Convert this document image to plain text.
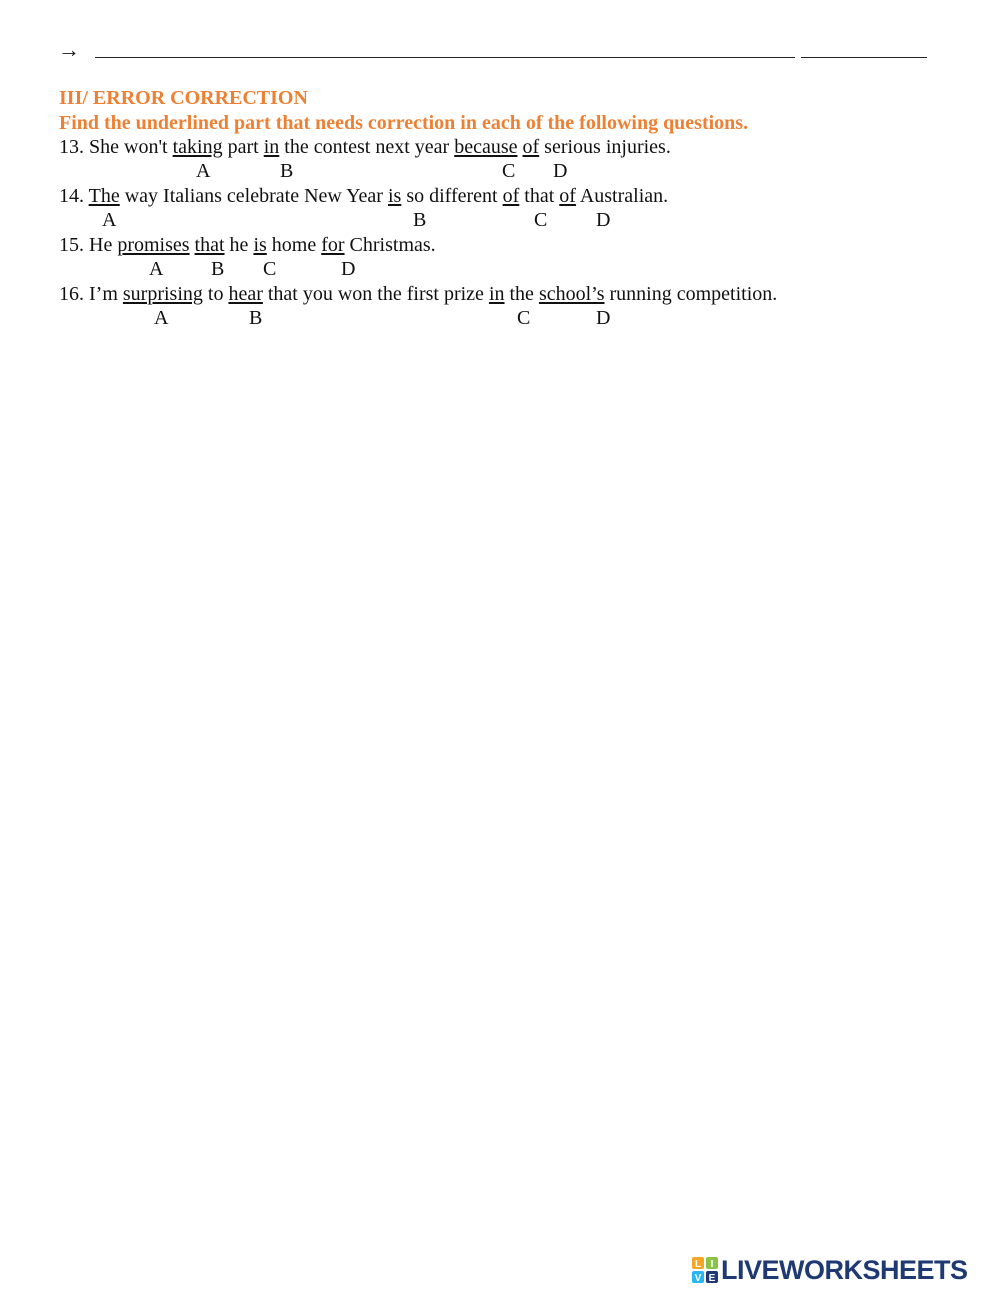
→
III/ ERROR CORRECTION
Find the underlined part that needs correction in each of the following questions.
13. She won't taking part in the contest next year because of serious injuries.
A	B	C D
14. The way Italians celebrate New Year is so different of that of Australian.
A	B	C D
15. He promises that he is home for Christmas.
A B C	D
16. I’m surprising to hear that you won the first prize in the school’s running competition.
A	B	C	D
L I
V E LIVEWORKSHEETS
